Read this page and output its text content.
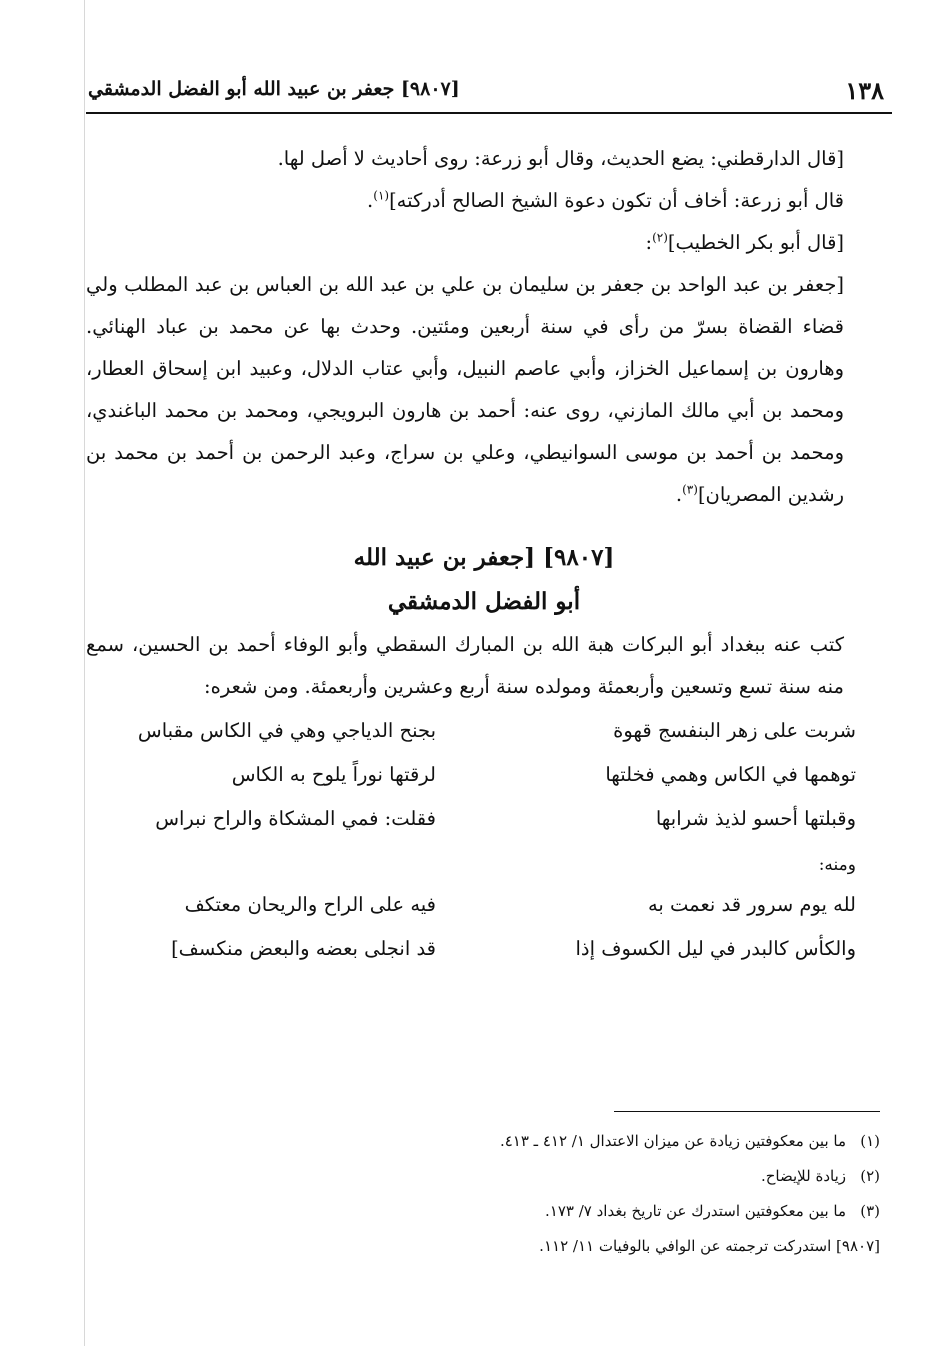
١٣٨
[٩٨٠٧] جعفر بن عبيد الله أبو الفضل الدمشقي

[قال الدارقطني: يضع الحديث، وقال أبو زرعة: روى أحاديث لا أصل لها.

قال أبو زرعة: أخاف أن تكون دعوة الشيخ الصالح أدركته]$^{(١)}$.

[قال أبو بكر الخطيب]$^{(٢)}$:

[جعفر بن عبد الواحد بن جعفر بن سليمان بن علي بن عبد الله بن العباس بن عبد المطلب ولي قضاء القضاة بسرّ من رأى في سنة أربعين ومئتين. وحدث بها عن محمد بن عباد الهنائي. وهارون بن إسماعيل الخزاز، وأبي عاصم النبيل، وأبي عتاب الدلال، وعبيد ابن إسحاق العطار، ومحمد بن أبي مالك المازني، روى عنه: أحمد بن هارون البرويجي، ومحمد بن محمد الباغندي، ومحمد بن أحمد بن موسى السوانيطي، وعلي بن سراج، وعبد الرحمن بن أحمد بن محمد بن رشدين المصريان]$^{(٣)}$.

[٩٨٠٧] [جعفر بن عبيد الله
أبو الفضل الدمشقي

كتب عنه ببغداد أبو البركات هبة الله بن المبارك السقطي وأبو الوفاء أحمد بن الحسين، سمع منه سنة تسع وتسعين وأربعمئة ومولده سنة أربع وعشرين وأربعمئة. ومن شعره:

شربت على زهر البنفسج قهوة
بجنح الدياجي وهي في الكاس مقباس
توهمها في الكاس وهمي فخلتها
لرقتها نوراً يلوح به الكاس
وقبلتها أحسو لذيذ شرابها
فقلت: فمي المشكاة والراح نبراس
ومنه:
لله يوم سرور قد نعمت به
فيه على الراح والريحان معتكف
والكأس كالبدر في ليل الكسوف إذا
قد انجلى بعضه والبعض منكسف]
(١)ما بين معكوفتين زيادة عن ميزان الاعتدال ١/ ٤١٢ ـ ٤١٣.
(٢)زيادة للإيضاح.
(٣)ما بين معكوفتين استدرك عن تاريخ بغداد ٧/ ١٧٣.
[٩٨٠٧] استدركت ترجمته عن الوافي بالوفيات ١١/ ١١٢.
